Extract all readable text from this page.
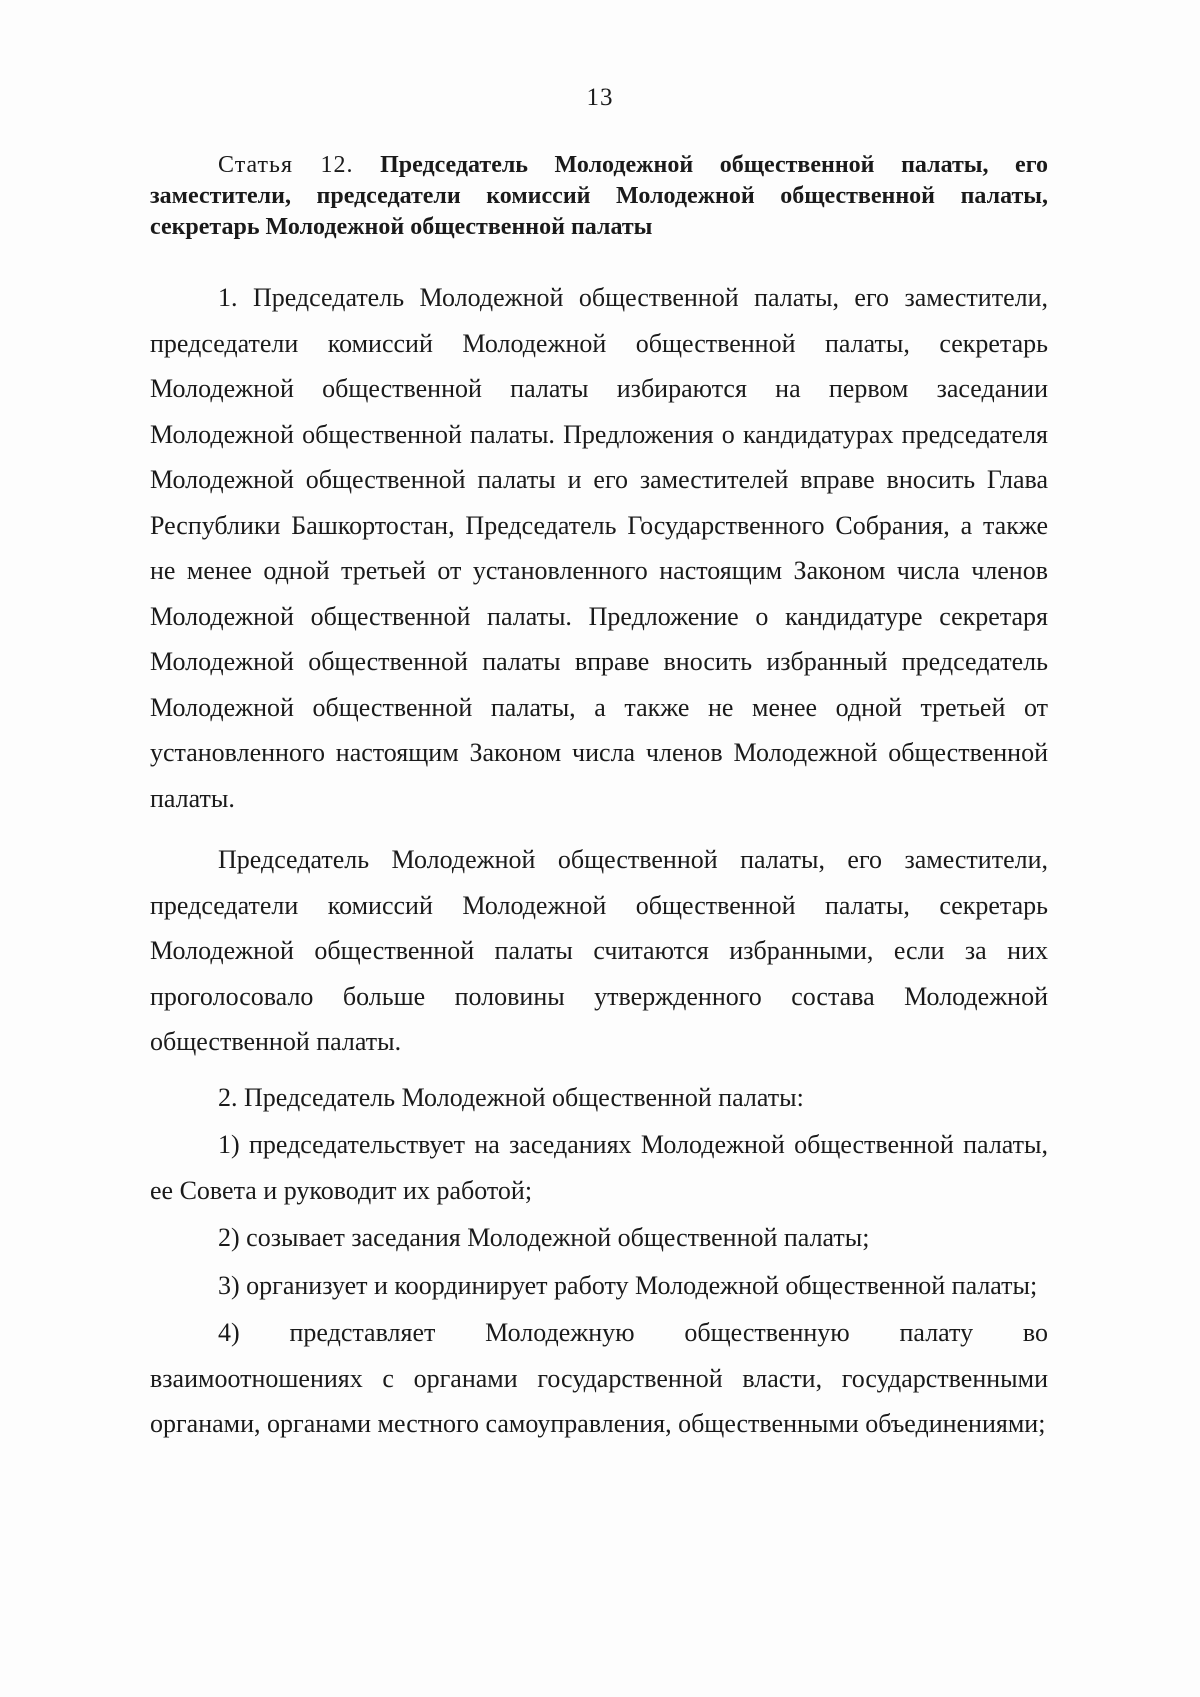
13

Статья 12. Председатель Молодежной общественной палаты, его заместители, председатели комиссий Молодежной общественной палаты, секретарь Молодежной общественной палаты

1. Председатель Молодежной общественной палаты, его заместители, председатели комиссий Молодежной общественной палаты, секретарь Молодежной общественной палаты избираются на первом заседании Молодежной общественной палаты. Предложения о кандидатурах председателя Молодежной общественной палаты и его заместителей вправе вносить Глава Республики Башкортостан, Председатель Государственного Собрания, а также не менее одной третьей от установленного настоящим Законом числа членов Молодежной общественной палаты. Предложение о кандидатуре секретаря Молодежной общественной палаты вправе вносить избранный председатель Молодежной общественной палаты, а также не менее одной третьей от установленного настоящим Законом числа членов Молодежной общественной палаты.

Председатель Молодежной общественной палаты, его заместители, председатели комиссий Молодежной общественной палаты, секретарь Молодежной общественной палаты считаются избранными, если за них проголосовало больше половины утвержденного состава Молодежной общественной палаты.

2. Председатель Молодежной общественной палаты:

1) председательствует на заседаниях Молодежной общественной палаты, ее Совета и руководит их работой;

2) созывает заседания Молодежной общественной палаты;

3) организует и координирует работу Молодежной общественной палаты;

4) представляет Молодежную общественную палату во взаимоотношениях с органами государственной власти, государственными органами, органами местного самоуправления, общественными объединениями;
